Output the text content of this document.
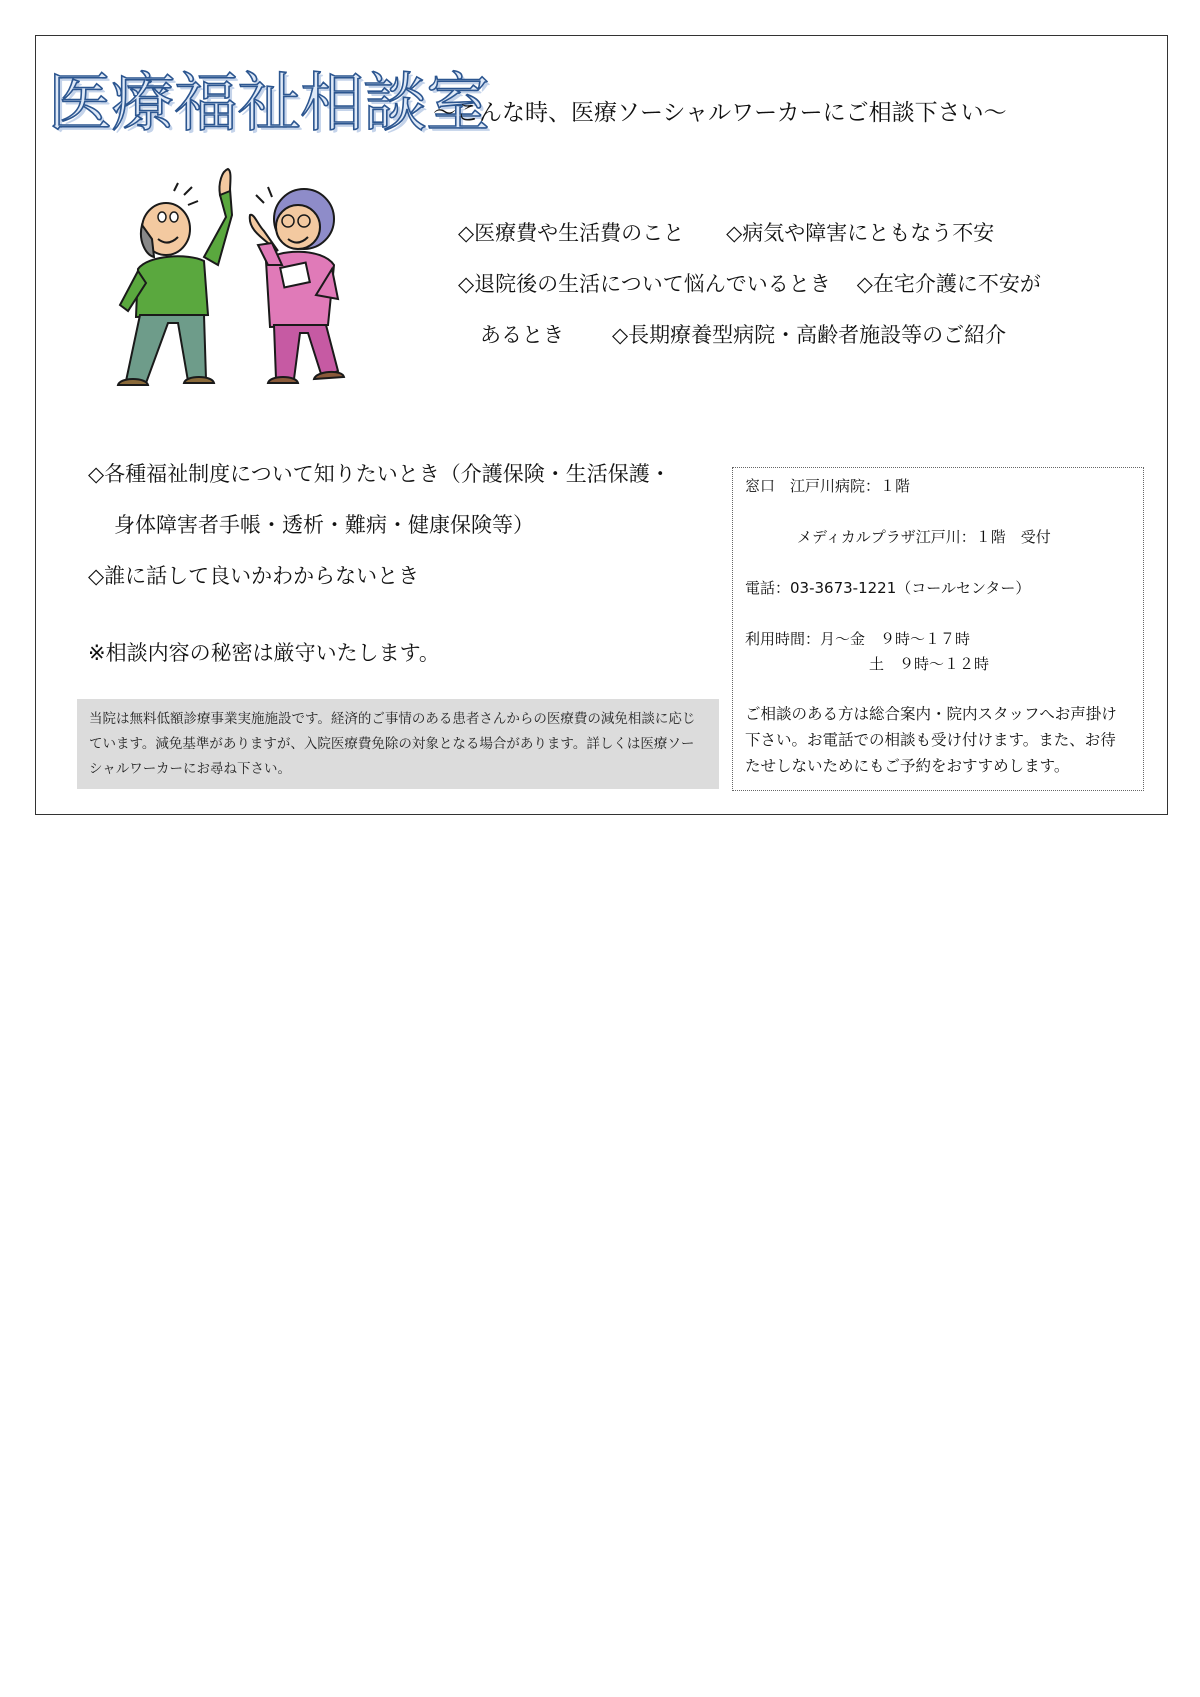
医療福祉相談室
～こんな時、医療ソーシャルワーカーにご相談下さい～
◇医療費や生活費のこと ◇病気や障害にともなう不安
◇退院後の生活について悩んでいるとき ◇在宅介護に不安が
あるとき ◇長期療養型病院・高齢者施設等のご紹介
◇各種福祉制度について知りたいとき（介護保険・生活保護・
身体障害者手帳・透析・難病・健康保険等）
◇誰に話して良いかわからないとき
※相談内容の秘密は厳守いたします。
当院は無料低額診療事業実施施設です。経済的ご事情のある患者さんからの医療費の減免相談に応じています。減免基準がありますが、入院医療費免除の対象となる場合があります。詳しくは医療ソーシャルワーカーにお尋ね下さい。
窓口　江戸川病院：１階
メディカルプラザ江戸川：１階　受付
電話：03-3673-1221（コールセンター）
利用時間：月～金　９時～１７時
土　９時～１２時
ご相談のある方は総合案内・院内スタッフへお声掛け下さい。お電話での相談も受け付けます。また、お待たせしないためにもご予約をおすすめします。
